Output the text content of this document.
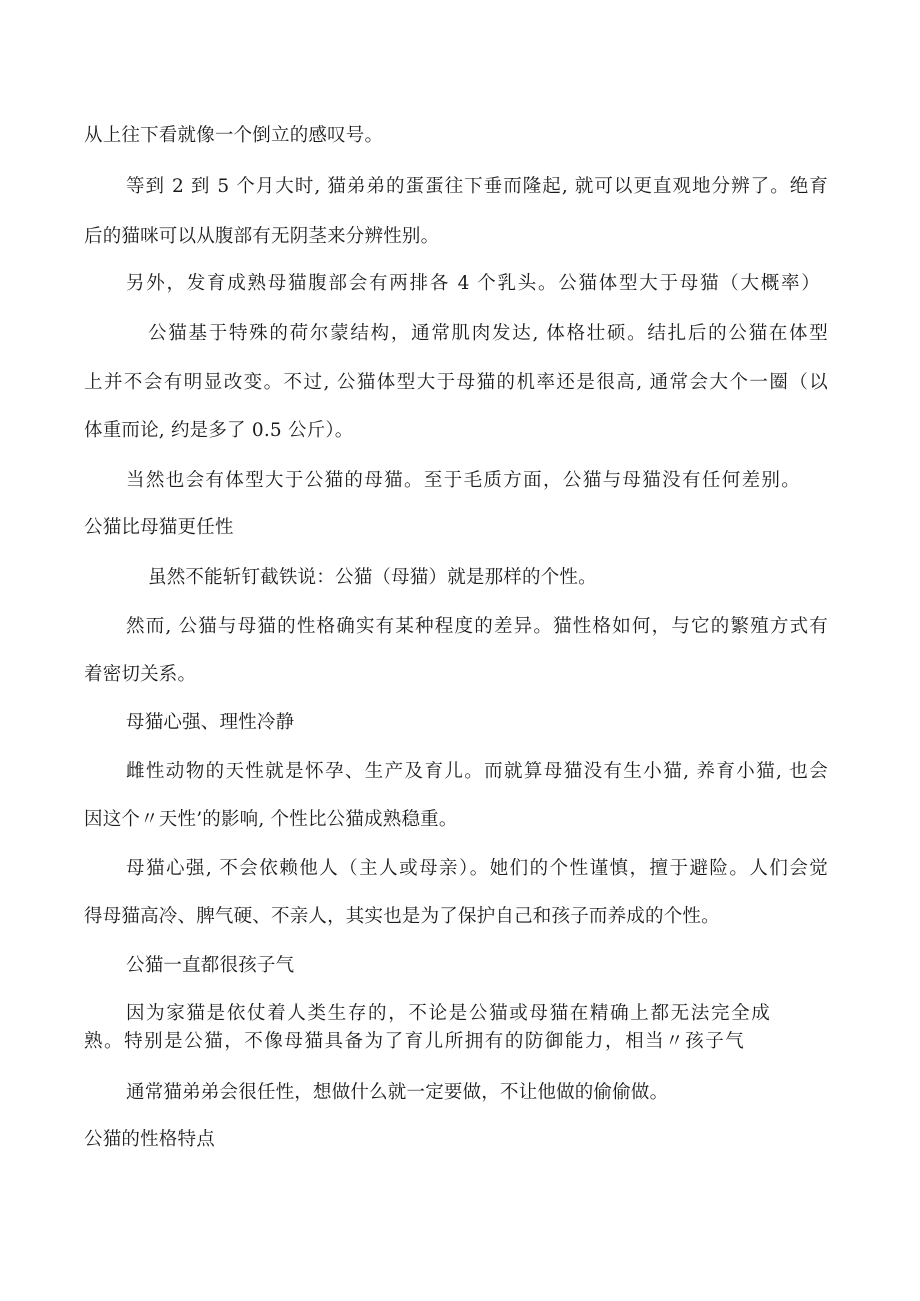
从上往下看就像一个倒立的感叹号。
等到 2 到 5 个月大时, 猫弟弟的蛋蛋往下垂而隆起, 就可以更直观地分辨了。绝育
后的猫咪可以从腹部有无阴茎来分辨性别。
另外，发育成熟母猫腹部会有两排各 4 个乳头。公猫体型大于母猫（大概率）
公猫基于特殊的荷尔蒙结构，通常肌肉发达, 体格壮硕。结扎后的公猫在体型
上并不会有明显改变。不过, 公猫体型大于母猫的机率还是很高, 通常会大个一圈（以
体重而论, 约是多了 0.5 公斤）。
当然也会有体型大于公猫的母猫。至于毛质方面，公猫与母猫没有任何差别。
公猫比母猫更任性
虽然不能斩钉截铁说：公猫（母猫）就是那样的个性。
然而, 公猫与母猫的性格确实有某种程度的差异。猫性格如何，与它的繁殖方式有
着密切关系。
母猫心强、理性冷静
雌性动物的天性就是怀孕、生产及育儿。而就算母猫没有生小猫, 养育小猫, 也会
因这个〃天性’的影响, 个性比公猫成熟稳重。
母猫心强, 不会依赖他人（主人或母亲）。她们的个性谨慎，擅于避险。人们会觉
得母猫高冷、脾气硬、不亲人，其实也是为了保护自己和孩子而养成的个性。
公猫一直都很孩子气
因为家猫是依仗着人类生存的，不论是公猫或母猫在精确上都无法完全成
熟。特别是公猫，不像母猫具备为了育儿所拥有的防御能力，相当〃孩子气
通常猫弟弟会很任性，想做什么就一定要做，不让他做的偷偷做。
公猫的性格特点
